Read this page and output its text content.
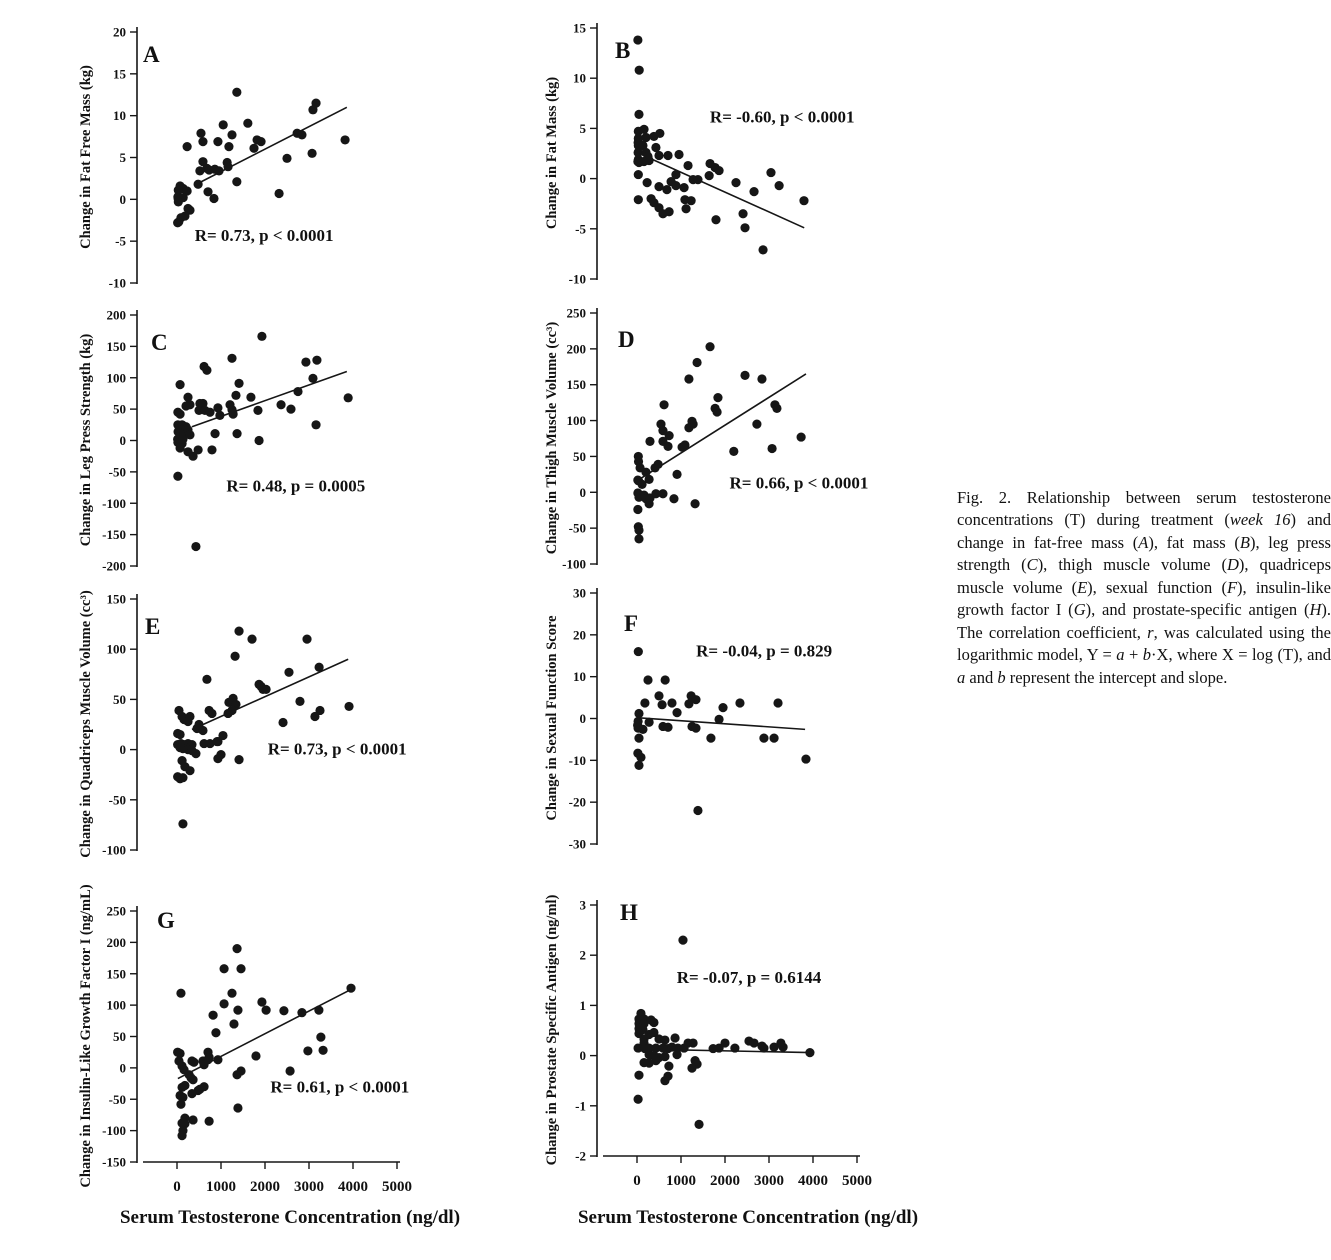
20
15
10
5
0
-5
-10
A
R= 0.73, p < 0.0001
15
10
5
0
-5
-10
B
R= -0.60, p < 0.0001
200
150
100
50
0
-50
-100
-150
-200
C
R= 0.48, p = 0.0005
250
200
150
100
50
0
-50
-100
D
R= 0.66, p < 0.0001
150
100
50
0
-50
-100
E
R= 0.73, p < 0.0001
30
20
10
0
-10
-20
-30
F
R= -0.04, p = 0.829
250
200
150
100
50
0
-50
-100
-150
0 1000 2000 3000 4000 5000
G
R= 0.61, p < 0.0001
3
2
1
0
-1
-2
0 1000 2000 3000 4000 5000
H
R= -0.07, p = 0.6144
Change in Fat Free Mass (kg)	Change in Fat Mass (kg)
Change in Leg Press Strength (kg)	Change in Thigh Muscle Volume (cc³)
Change in Quadriceps Muscle Volume (cc³)	Change in Sexual Function Score
Change in Insulin-Like Growth Factor I (ng/mL)	Change in Prostate Specific Antigen (ng/ml)
Serum Testosterone Concentration (ng/dl)	Serum Testosterone Concentration (ng/dl)
Fig. 2. Relationship between serum testosterone concentrations (T) during treatment (week 16) and change in fat-free mass (A), fat mass (B), leg press strength (C), thigh muscle volume (D), quadriceps muscle volume (E), sexual function (F), insulin-like growth factor I (G), and prostate-specific antigen (H). The correlation coefficient, r, was calculated using the logarithmic model, Y = a + b·X, where X = log (T), and a and b represent the intercept and slope.
